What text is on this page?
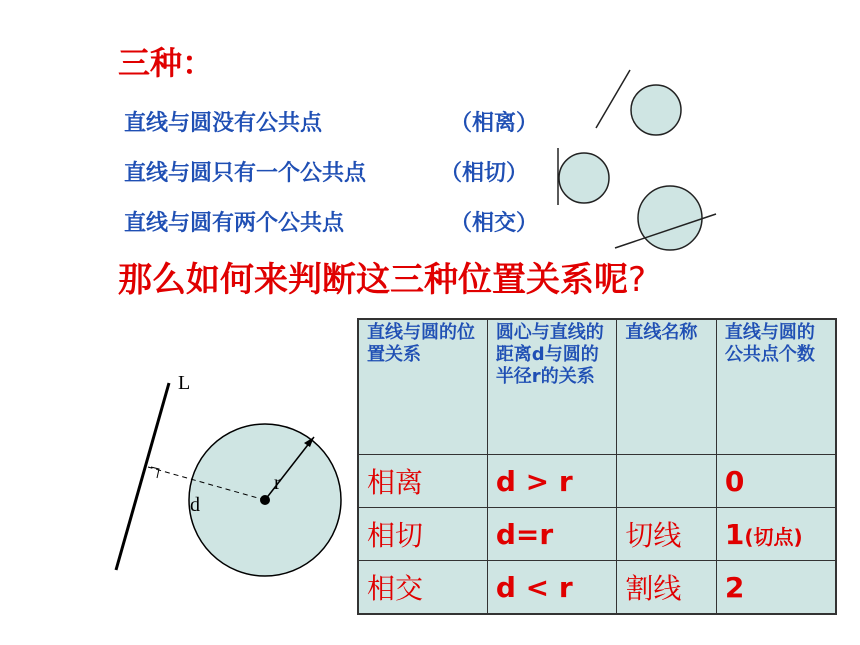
三种：
直线与圆没有公共点	（相离）
直线与圆只有一个公共点	（相切）
直线与圆有两个公共点	（相交）
那么如何来判断这三种位置关系呢?
L
r
d
直线与圆的位置关系	圆心与直线的距离d与圆的半径r的关系	直线名称	直线与圆的公共点个数
相离	d > r		0
相切	d=r	切线	1(切点)
相交	d < r	割线	2
